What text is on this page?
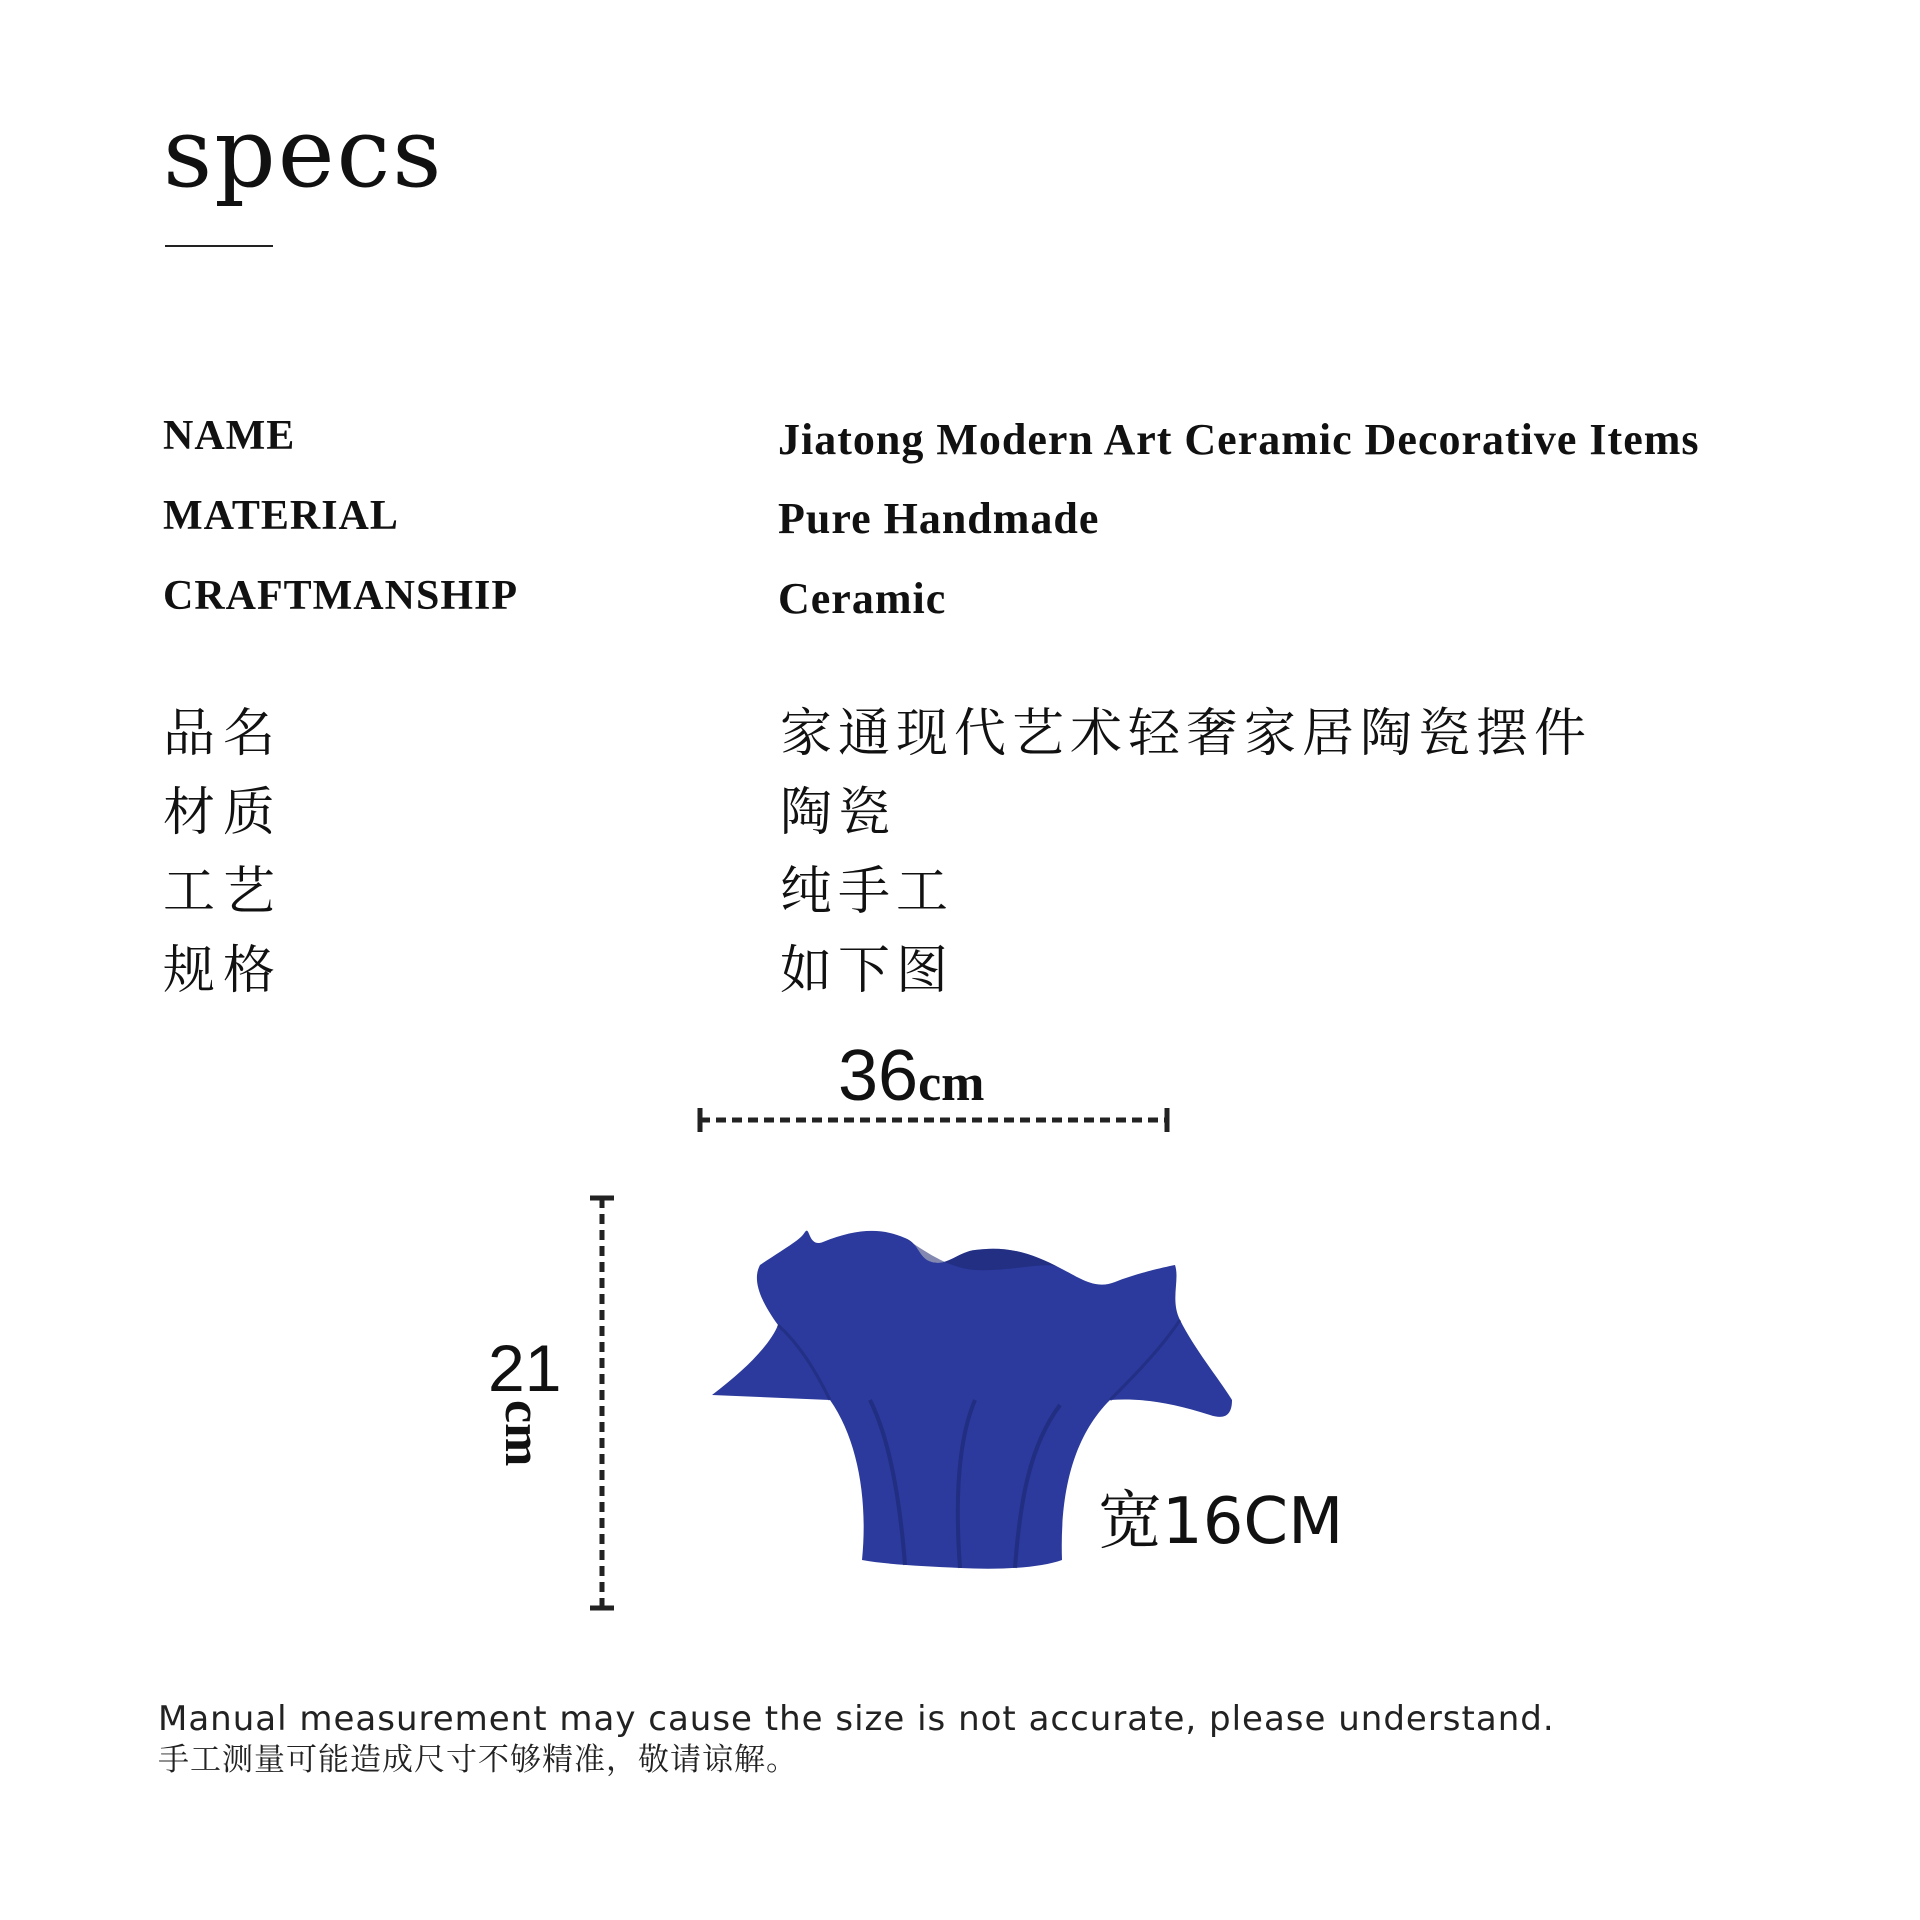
specs
NAME	Jiatong Modern Art Ceramic Decorative Items
MATERIAL	Pure Handmade
CRAFTMANSHIP	Ceramic
品名	家通现代艺术轻奢家居陶瓷摆件
材质	陶瓷
工艺	纯手工
规格	如下图
36cm
21
cm
宽16CM
Manual measurement may cause the size is not accurate, please understand.
手工测量可能造成尺寸不够精准，敬请谅解。
